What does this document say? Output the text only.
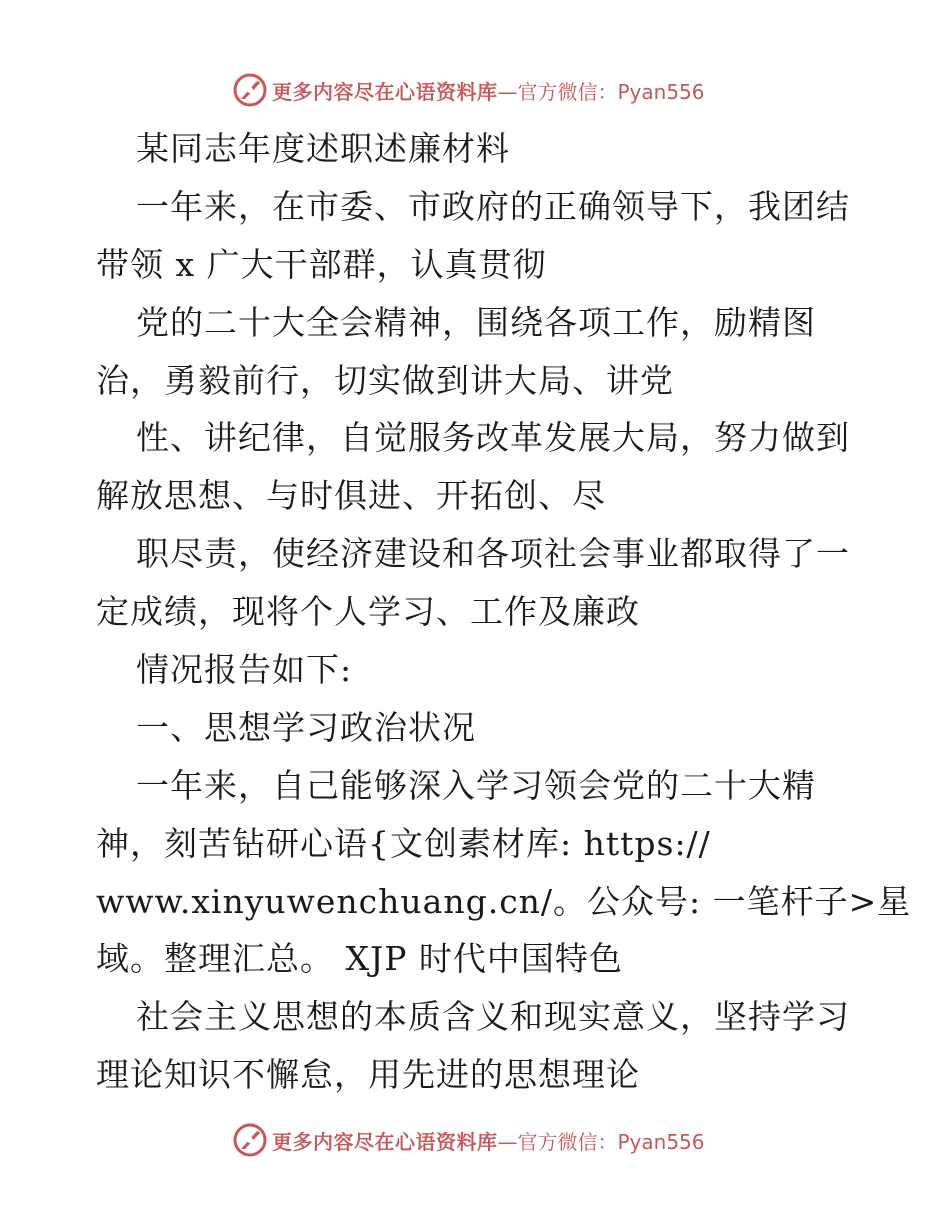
更多内容尽在心语资料库 —官方微信：Pyan556
某同志年度述职述廉材料
一年来，在市委、市政府的正确领导下，我团结
带领 x 广大干部群，认真贯彻
党的二十大全会精神，围绕各项工作，励精图
治，勇毅前行，切实做到讲大局、讲党
性、讲纪律，自觉服务改革发展大局，努力做到
解放思想、与时俱进、开拓创、尽
职尽责，使经济建设和各项社会事业都取得了一
定成绩，现将个人学习、工作及廉政
情况报告如下:
一、思想学习政治状况
一年来，自己能够深入学习领会党的二十大精
神，刻苦钻研心语{文创素材库: https://
www.xinyuwenchuang.cn/。公众号: 一笔杆子>星
域。整理汇总。 XJP 时代中国特色
社会主义思想的本质含义和现实意义，坚持学习
理论知识不懈怠，用先进的思想理论
更多内容尽在心语资料库 —官方微信：Pyan556
